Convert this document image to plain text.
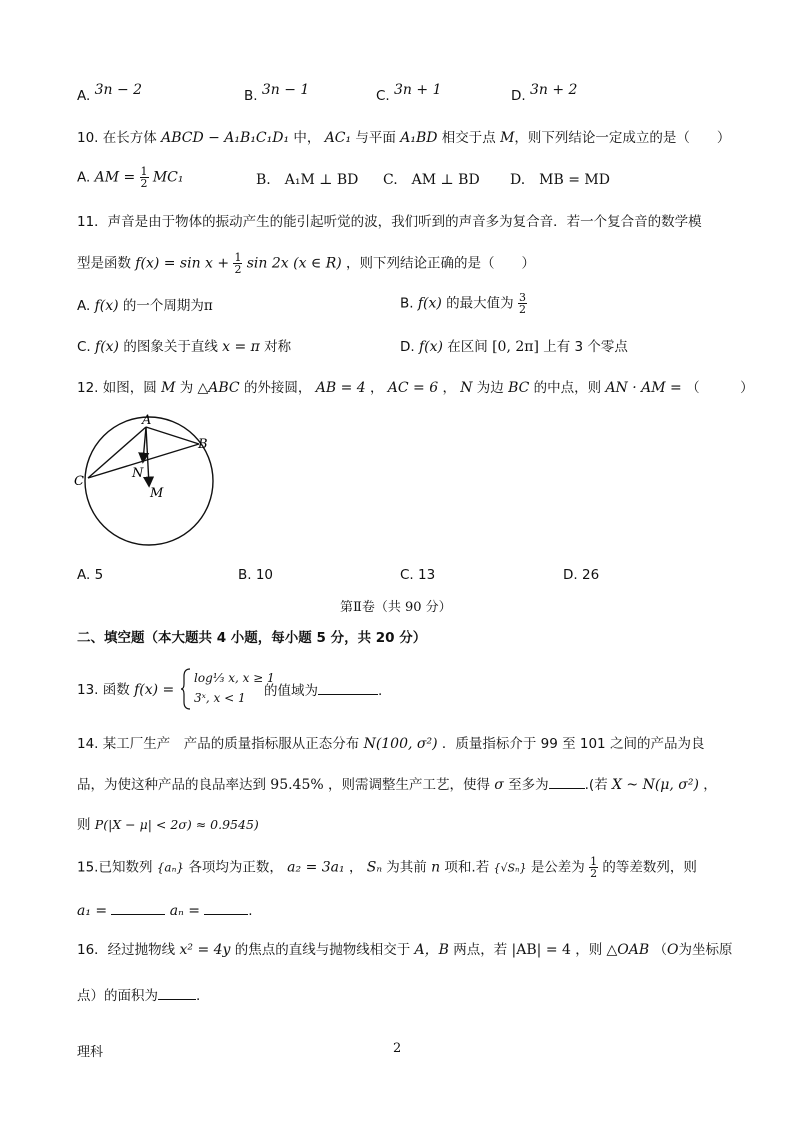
A. 3n − 2	B. 3n − 1	C. 3n + 1	D. 3n + 2
10. 在长方体 ABCD − A₁B₁C₁D₁ 中， AC₁ 与平面 A₁BD 相交于点 M，则下列结论一定成立的是（　　）
A. AM = $\frac{1}{2} MC_1$	B.　A₁M ⊥ BD C.　AM ⊥ BD D.　MB = MD
11．声音是由于物体的振动产生的能引起听觉的波，我们听到的声音多为复合音．若一个复合音的数学模
型是函数 $f(x) = \sin x + \frac{1}{2}$ sin 2x (x ∈ R) ，则下列结论正确的是（　　）
A. f(x) 的一个周期为π	B. f(x) 的最大值为 $\frac{3}{2}$
C. f(x) 的图象关于直线 x = π 对称	D. f(x) 在区间 [0, 2π] 上有 3 个零点
12. 如图，圆 M 为 △ABC 的外接圆， AB = 4 ， AC = 6 ， N 为边 BC 的中点，则 AN · AM = （　　　）
A
B
C
N
M
A. 5	B. 10	C. 13	D. 26
第Ⅱ卷（共 90 分）
二、填空题（本大题共 4 小题，每小题 5 分，共 20 分）
13. 函数 f(x) =
log⅓ x, x ≥ 1
3ˣ, x < 1 的值域为	.
14. 某工厂生产　产品的质量指标服从正态分布 N(100, σ²) ．质量指标介于 99 至 101 之间的产品为良
品，为使这种产品的良品率达到 95.45% ，则需调整生产工艺，使得 σ 至多为	.(若 X ~ N(μ, σ²) ，
则 P(|X − μ| < 2σ) ≈ 0.9545)
15.已知数列 {aₙ} 各项均为正数， a₂ = 3a₁ ， Sₙ 为其前 n 项和.若 {√Sₙ} 是公差为 $\frac{1}{2}$ 的等差数列，则
a₁ =	aₙ =	.
16．经过抛物线 x² = 4y 的焦点的直线与抛物线相交于 A，B 两点，若 |AB| = 4 ，则 △OAB （O为坐标原
点）的面积为	.
理科	2
